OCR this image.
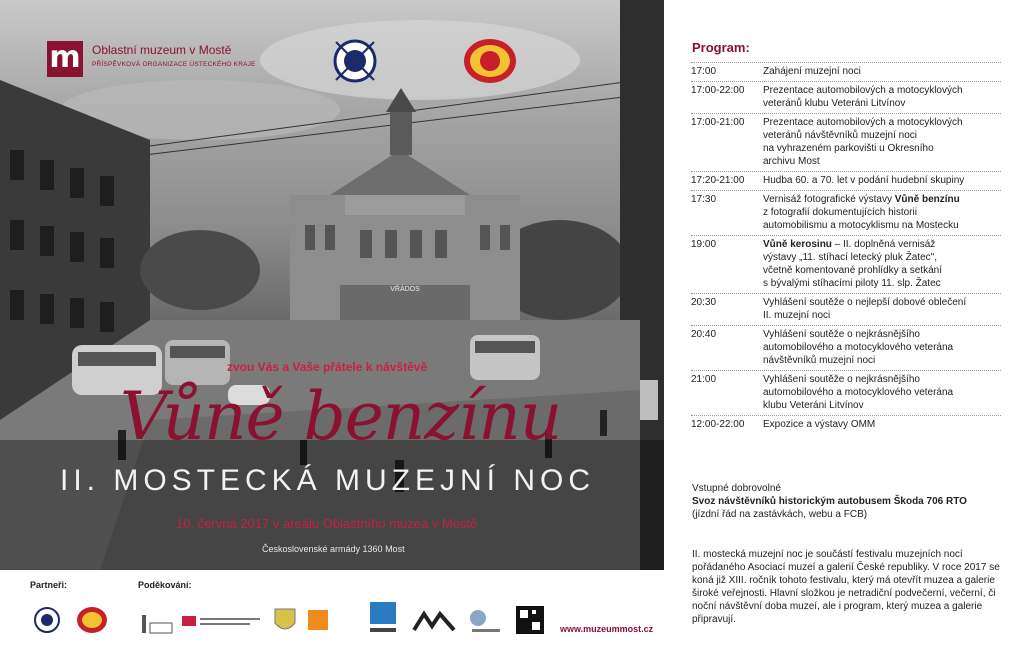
VŘÁDOS
m Oblastní muzeum v Mostě
PŘÍSPĚVKOVÁ ORGANIZACE ÚSTECKÉHO KRAJE
zvou Vás a Vaše přátele k návštěvě
Vůně benzínu
II. MOSTECKÁ MUZEJNÍ NOC
10. června 2017 v areálu Oblastního muzea v Mostě
Československé armády 1360 Most
Partneři:	Poděkování:
www.muzeummost.cz
Program:
17:00	Zahájení muzejní noci
17:00-22:00	Prezentace automobilových a motocyklových
veteránů klubu Veteráni Litvínov
17:00-21:00	Prezentace automobilových a motocyklových
veteránů návštěvníků muzejní noci
na vyhrazeném parkovišti u Okresního
archivu Most
17:20-21:00	Hudba 60. a 70. let v podání hudební skupiny
17:30	Vernisáž fotografické výstavy Vůně benzínu
z fotografií dokumentujících historii
automobilismu a motocyklismu na Mostecku
19:00	Vůně kerosinu – II. doplněná vernisáž
výstavy „11. stíhací letecký pluk Žatec",
včetně komentované prohlídky a setkání
s bývalými stíhacími piloty 11. slp. Žatec
20:30	Vyhlášení soutěže o nejlepší dobové oblečení
II. muzejní noci
20:40	Vyhlášení soutěže o nejkrásnějšího
automobilového a motocyklového veterána
návštěvníků muzejní noci
21:00	Vyhlášení soutěže o nejkrásnějšího
automobilového a motocyklového veterána
klubu Veteráni Litvínov
12:00-22:00	Expozice a výstavy OMM
Vstupné dobrovolné
Svoz návštěvníků historickým autobusem Škoda 706 RTO
(jízdní řád na zastávkách, webu a FCB)
II. mostecká muzejní noc je součástí festivalu muzejních nocí pořádaného Asociací muzeí a galerií České republiky. V roce 2017 se koná již XIII. ročník tohoto festivalu, který má otevřít muzea a galerie široké veřejnosti. Hlavní složkou je netradiční podvečerní, večerní, či noční návštěvní doba muzeí, ale i program, který muzea a galerie připravují.
